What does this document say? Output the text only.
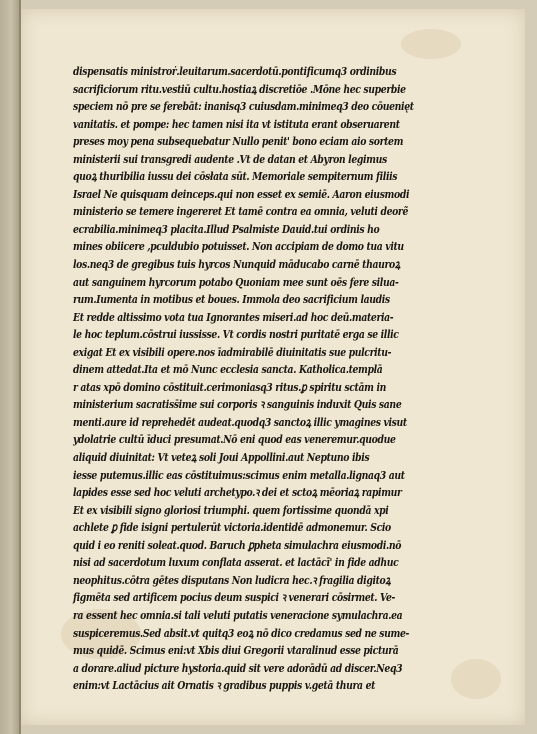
dispensatis ministroṙ.leuitarum.sacerdotū.pontificumq3 ordinibus
sacrificiorum ritu.vestiū cultu.hostiaꝝ discretiōe .Mōne hec superbie
speciem nō pre se ferebāt: inanisq3 cuiusdam.minimeq3 deo cōuenięt
vanitatis. et pompe: hec tamen nisi ita vt istituta erant obseruarent
preses moy pena subsequebatur Nullo penit' bono eciam aio sortem
ministerii sui transgredi audente .Vt de datan et Abyron legimus
quoꝝ thuribilia iussu dei cōsłata sūt. Memoriale sempiternum filiis
Israel Ne quisquam deinceps.qui non esset ex semiē. Aaron eiusmodi
ministerio se temere ingereret Et tamē contra ea omnia, veluti deorẽ
ecrabilia.minimeq3 placita.Illud Psalmiste Dauid.tui ordinis ho
mines obiicere ,pculdubio potuisset. Non accipiam de domo tua vitu
los.neq3 de gregibus tuis hyrcos Nunquid māducabo carnē thauroꝝ
aut sanguinem hyrcorum potabo Quoniam mee sunt oēs fere silua-
rum.Iumenta in motibus et boues. Immola deo sacrificium laudis
Et redde altissimo vota tua Ignorantes miseri.ad hoc deū.materia-
le hoc teplum.cōstrui iussisse. Vt cordis nostri puritatē erga se illic
exigat Et ex visibili opere.nos īadmirabilē diuinitatis sue pulcritu-
dinem attedat.Ita et mō Nunc ecclesia sancta. Katholica.templā
r atas xpō domino cōstituit.cerimoniasq3 ritus.ꝑ spiritu sctām in
ministerium sacratiss̄ime sui corporis ꝛ sanguinis induxit Quis sane
menti.aure id reprehedēt audeat.quodq3 sanctoꝝ illic ymagines visut
ydolatrie cultū īduci presumat.Nō eni quod eas veneremur.quodue
aliquid diuinitat: Vt veteꝝ soli Joui Appollini.aut Neptuno ibis
iesse putemus.illic eas cōstituimus:scimus enim metalla.lignaq3 aut
lapides esse sed hoc veluti archetypo.ꝛ dei et sctoꝝ mēoriaꝝ rapimur
Et ex visibili signo gloriosi triumphi. quem fortissime quondā xpi
achlete ꝑ fide isigni pertulerūt victoria.identidē admonemur. Scio
quid i eo reniti soleat.quod. Baruch ꝑpheta simulachra eiusmodi.nō
nisi ad sacerdotum luxum conflata asserat. et lactācī' in fide adhuc
neophitus.cōtra gētes disputans Non ludicra hec.ꝛ fragilia digitoꝝ
figmēta sed artificem pocius deum suspici ꝛ venerari cōsirmet. Ve-
ra essent hec omnia.si tali veluti putatis veneracione symulachra.ea
suspiceremus.Sed absit.vt quitq3 eoꝝ nō dico credamus sed ne sume-
mus quidē. Scimus eni:vt Xbis diui Gregorii vtaralinud esse picturā
a dorare.aliud picture hystoria.quid sit vere adorādū ad discer.Neq3
enim:vt Lactācius ait Ornatis ꝛ gradibus puppis v.getā thura et
